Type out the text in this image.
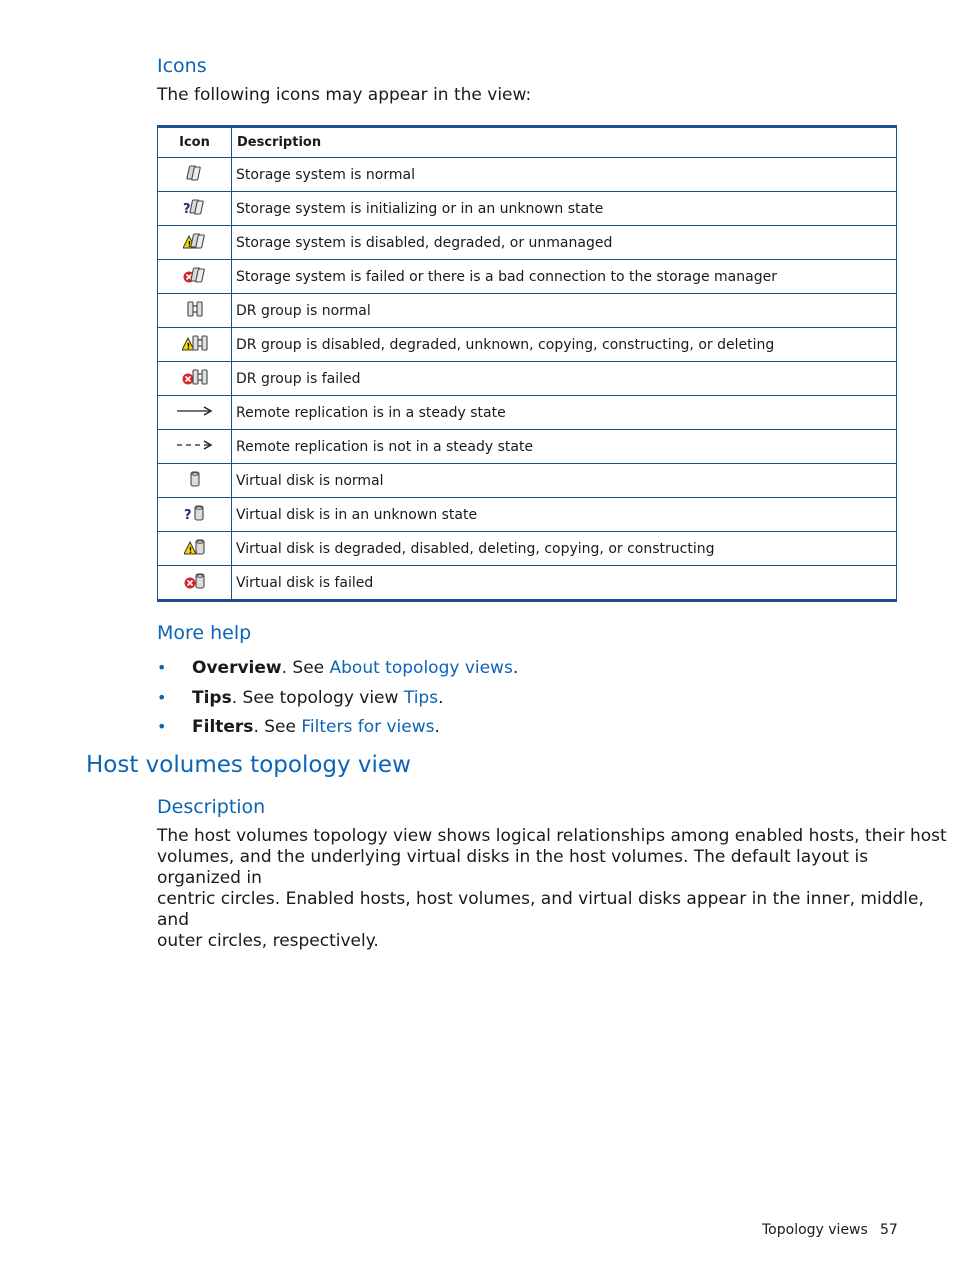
Icons

The following icons may appear in the view:

Icon	Description
	Storage system is normal

?	Storage system is initializing or in an unknown state

!	Storage system is disabled, degraded, or unmanaged
	Storage system is failed or there is a bad connection to the storage manager
	DR group is normal

!	DR group is disabled, degraded, unknown, copying, constructing, or deleting
	DR group is failed
	Remote replication is in a steady state
	Remote replication is not in a steady state
	Virtual disk is normal

?	Virtual disk is in an unknown state

!	Virtual disk is degraded, disabled, deleting, copying, or constructing
	Virtual disk is failed
More help
• Overview. See About topology views.
• Tips. See topology view Tips.
• Filters. See Filters for views.
Host volumes topology view
Description
The host volumes topology view shows logical relationships among enabled hosts, their host
volumes, and the underlying virtual disks in the host volumes. The default layout is organized in
centric circles. Enabled hosts, host volumes, and virtual disks appear in the inner, middle, and
outer circles, respectively.
Topology views 57
